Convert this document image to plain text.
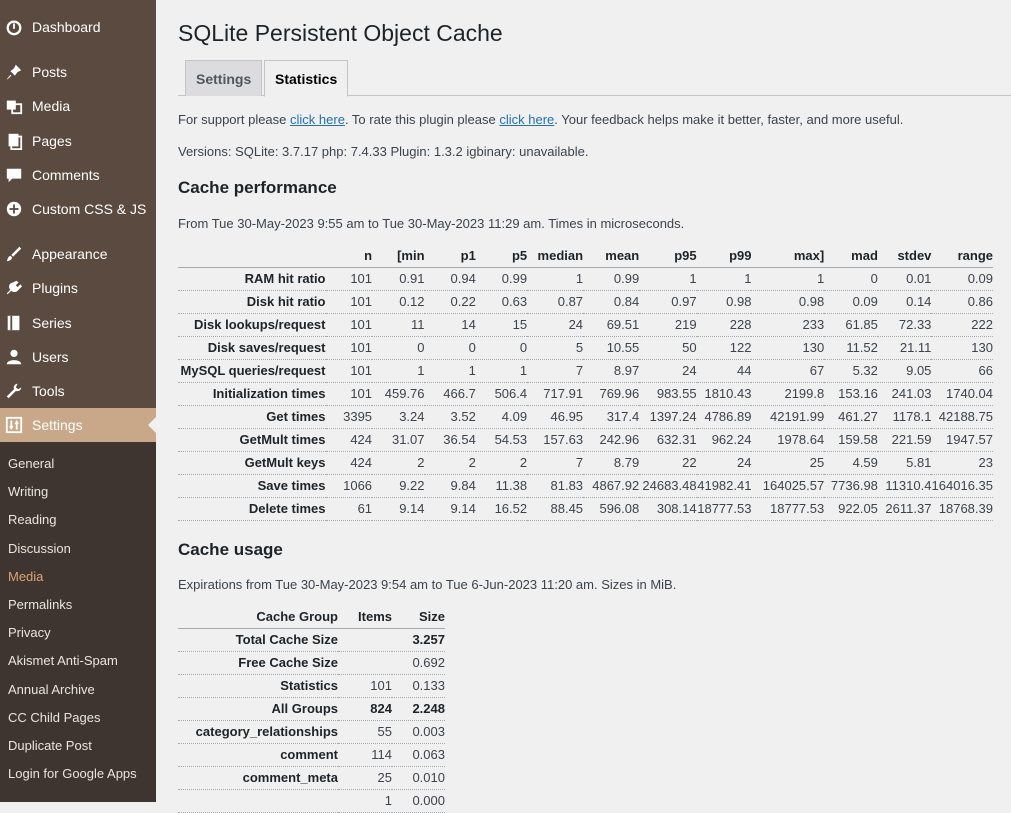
Dashboard
Posts
Media
Pages
Comments
Custom CSS & JS
Appearance
Plugins
Series
Users
Tools
Settings
General
Writing
Reading
Discussion
Media
Permalinks
Privacy
Akismet Anti-Spam
Annual Archive
CC Child Pages
Duplicate Post
Login for Google Apps
SQLite Persistent Object Cache
Settings	Statistics
For support please click here. To rate this plugin please click here. Your feedback helps make it better, faster, and more useful.
Versions: SQLite: 3.7.17 php: 7.4.33 Plugin: 1.3.2 igbinary: unavailable.
Cache performance
From Tue 30-May-2023 9:55 am to Tue 30-May-2023 11:29 am. Times in microseconds.
	n	[min	p1	p5	median	mean	p95	p99	max]	mad	stdev	range
RAM hit ratio	101	0.91	0.94	0.99	1	0.99	1	1	1	0	0.01	0.09
Disk hit ratio	101	0.12	0.22	0.63	0.87	0.84	0.97	0.98	0.98	0.09	0.14	0.86
Disk lookups/request	101	11	14	15	24	69.51	219	228	233	61.85	72.33	222
Disk saves/request	101	0	0	0	5	10.55	50	122	130	11.52	21.11	130
MySQL queries/request	101	1	1	1	7	8.97	24	44	67	5.32	9.05	66
Initialization times	101	459.76	466.7	506.4	717.91	769.96	983.55	1810.43	2199.8	153.16	241.03	1740.04
Get times	3395	3.24	3.52	4.09	46.95	317.4	1397.24	4786.89	42191.99	461.27	1178.1	42188.75
GetMult times	424	31.07	36.54	54.53	157.63	242.96	632.31	962.24	1978.64	159.58	221.59	1947.57
GetMult keys	424	2	2	2	7	8.79	22	24	25	4.59	5.81	23
Save times	1066	9.22	9.84	11.38	81.83	4867.92	24683.48	41982.41	164025.57	7736.98	11310.4	164016.35
Delete times	61	9.14	9.14	16.52	88.45	596.08	308.14	18777.53	18777.53	922.05	2611.37	18768.39
Cache usage
Expirations from Tue 30-May-2023 9:54 am to Tue 6-Jun-2023 11:20 am. Sizes in MiB.
Cache Group	Items	Size
Total Cache Size		3.257
Free Cache Size		0.692
Statistics	101	0.133
All Groups	824	2.248
category_relationships	55	0.003
comment	114	0.063
comment_meta	25	0.010
	1	0.000
